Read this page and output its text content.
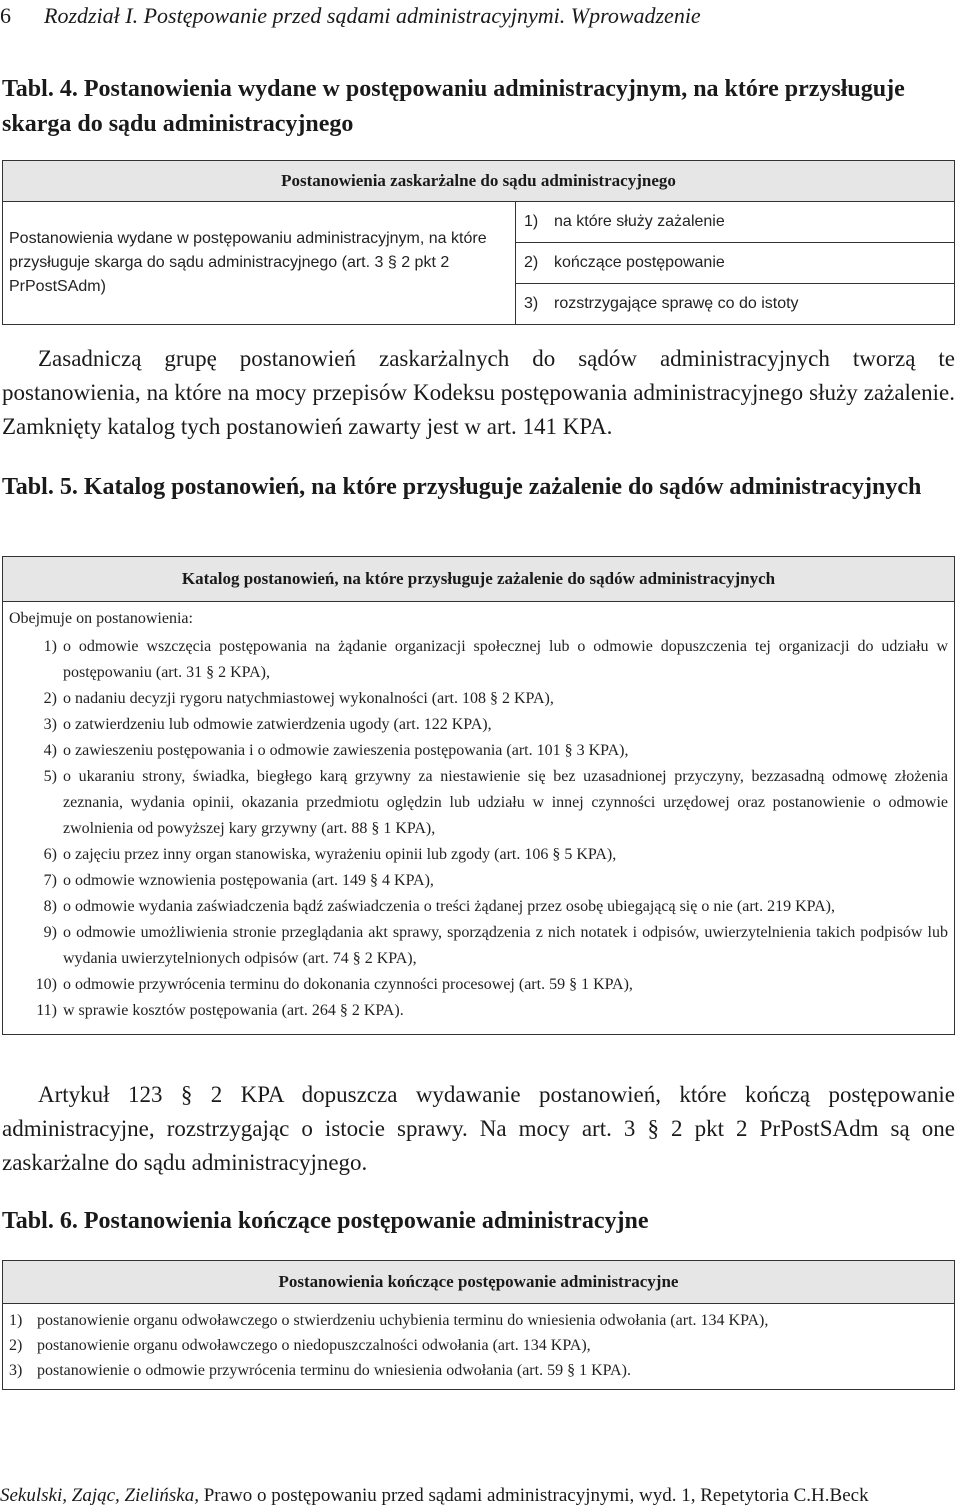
6 Rozdział I. Postępowanie przed sądami administracyjnymi. Wprowadzenie
Tabl. 4. Postanowienia wydane w postępowaniu administracyjnym, na które przysługuje skarga do sądu administracyjnego
Postanowienia zaskarżalne do sądu administracyjnego
Postanowienia wydane w postępowaniu administracyjnym, na które przysługuje skarga do sądu administracyjnego (art. 3 § 2 pkt 2 PrPostSAdm)	1) na które służy zażalenie
2) kończące postępowanie
3) rozstrzygające sprawę co do istoty
Zasadniczą grupę postanowień zaskarżalnych do sądów administracyjnych tworzą te postanowienia, na które na mocy przepisów Kodeksu postępowania administracyjnego służy zażalenie. Zamknięty katalog tych postanowień zawarty jest w art. 141 KPA.
Tabl. 5. Katalog postanowień, na które przysługuje zażalenie do sądów administracyjnych
Katalog postanowień, na które przysługuje zażalenie do sądów administracyjnych

Obejmuje on postanowienia:
1) o odmowie wszczęcia postępowania na żądanie organizacji społecznej lub o odmowie dopuszczenia tej organizacji do udziału w postępowaniu (art. 31 § 2 KPA),
2) o nadaniu decyzji rygoru natychmiastowej wykonalności (art. 108 § 2 KPA),
3) o zatwierdzeniu lub odmowie zatwierdzenia ugody (art. 122 KPA),
4) o zawieszeniu postępowania i o odmowie zawieszenia postępowania (art. 101 § 3 KPA),
5) o ukaraniu strony, świadka, biegłego karą grzywny za niestawienie się bez uzasadnionej przyczyny, bezzasadną odmowę złożenia zeznania, wydania opinii, okazania przedmiotu oględzin lub udziału w innej czynności urzędowej oraz postanowienie o odmowie zwolnienia od powyższej kary grzywny (art. 88 § 1 KPA),
6) o zajęciu przez inny organ stanowiska, wyrażeniu opinii lub zgody (art. 106 § 5 KPA),
7) o odmowie wznowienia postępowania (art. 149 § 4 KPA),
8) o odmowie wydania zaświadczenia bądź zaświadczenia o treści żądanej przez osobę ubiegającą się o nie (art. 219 KPA),
9) o odmowie umożliwienia stronie przeglądania akt sprawy, sporządzenia z nich notatek i odpisów, uwierzytelnienia takich podpisów lub wydania uwierzytelnionych odpisów (art. 74 § 2 KPA),
10) o odmowie przywrócenia terminu do dokonania czynności procesowej (art. 59 § 1 KPA),
11) w sprawie kosztów postępowania (art. 264 § 2 KPA).
Artykuł 123 § 2 KPA dopuszcza wydawanie postanowień, które kończą postępowanie administracyjne, rozstrzygając o istocie sprawy. Na mocy art. 3 § 2 pkt 2 PrPostSAdm są one zaskarżalne do sądu administracyjnego.
Tabl. 6. Postanowienia kończące postępowanie administracyjne
Postanowienia kończące postępowanie administracyjne

1) postanowienie organu odwoławczego o stwierdzeniu uchybienia terminu do wniesienia odwołania (art. 134 KPA),
2) postanowienie organu odwoławczego o niedopuszczalności odwołania (art. 134 KPA),
3) postanowienie o odmowie przywrócenia terminu do wniesienia odwołania (art. 59 § 1 KPA).
Sekulski, Zając, Zielińska, Prawo o postępowaniu przed sądami administracyjnymi, wyd. 1, Repetytoria C.H.Beck
